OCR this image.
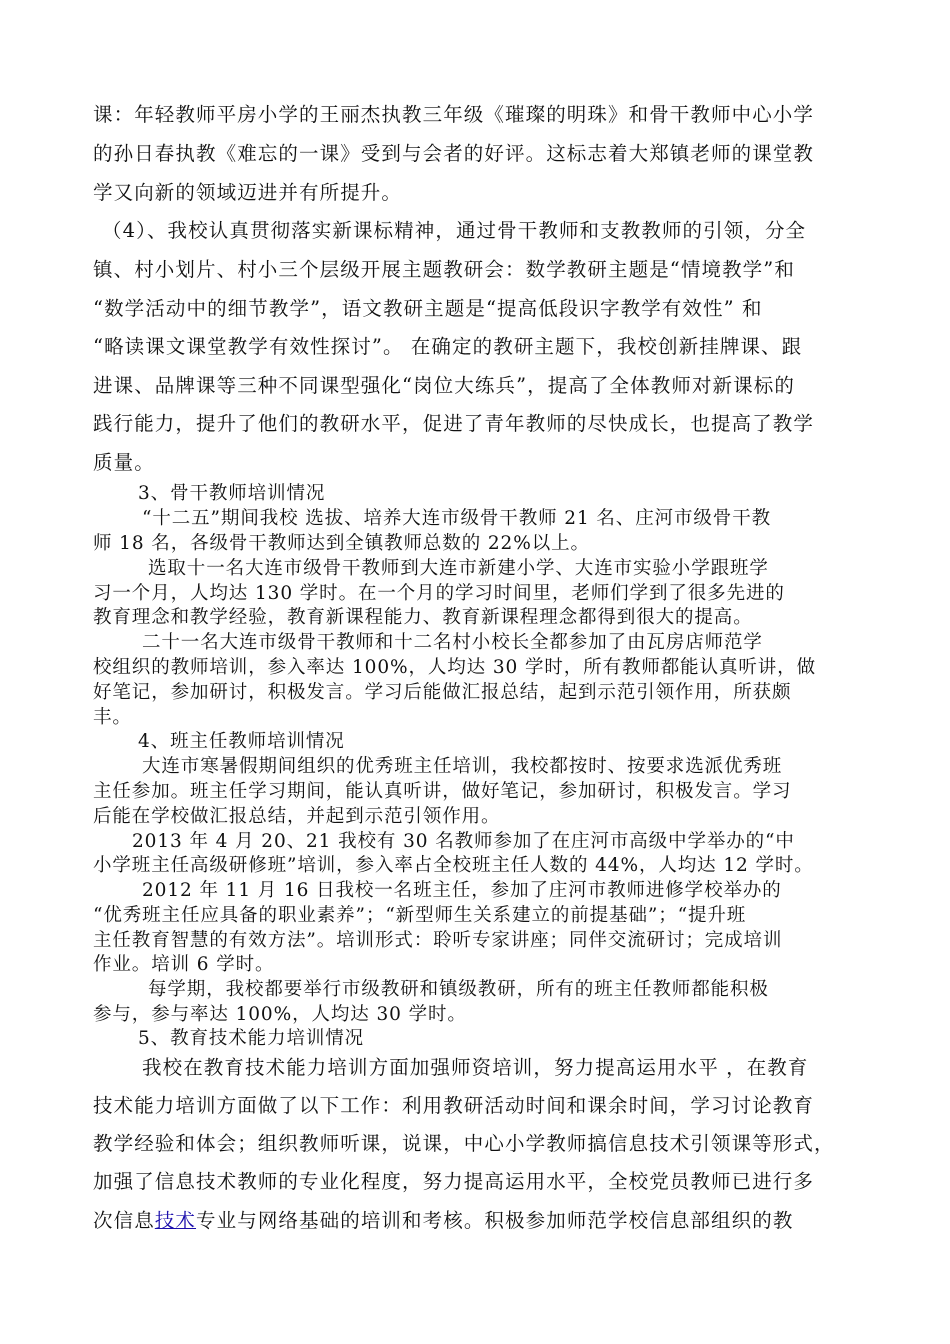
课：年轻教师平房小学的王丽杰执教三年级《璀璨的明珠》和骨干教师中心小学
的孙日春执教《难忘的一课》受到与会者的好评。这标志着大郑镇老师的课堂教
学又向新的领域迈进并有所提升。
（4）、我校认真贯彻落实新课标精神，通过骨干教师和支教教师的引领，分全
镇、村小划片、村小三个层级开展主题教研会：数学教研主题是“情境教学”和
“数学活动中的细节教学”，语文教研主题是“提高低段识字教学有效性” 和
“略读课文课堂教学有效性探讨”。 在确定的教研主题下，我校创新挂牌课、跟
进课、品牌课等三种不同课型强化“岗位大练兵”，提高了全体教师对新课标的
践行能力，提升了他们的教研水平，促进了青年教师的尽快成长，也提高了教学
质量。
3、骨干教师培训情况
“十二五”期间我校 选拔、培养大连市级骨干教师 21 名、庄河市级骨干教
师 18 名，各级骨干教师达到全镇教师总数的 22%以上。
选取十一名大连市级骨干教师到大连市新建小学、大连市实验小学跟班学
习一个月，人均达 130 学时。在一个月的学习时间里，老师们学到了很多先进的
教育理念和教学经验，教育新课程能力、教育新课程理念都得到很大的提高。
二十一名大连市级骨干教师和十二名村小校长全都参加了由瓦房店师范学
校组织的教师培训，参入率达 100%，人均达 30 学时，所有教师都能认真听讲，做
好笔记，参加研讨，积极发言。学习后能做汇报总结，起到示范引领作用，所获颇
丰。
4、班主任教师培训情况
大连市寒暑假期间组织的优秀班主任培训，我校都按时、按要求选派优秀班
主任参加。班主任学习期间，能认真听讲，做好笔记，参加研讨，积极发言。学习
后能在学校做汇报总结，并起到示范引领作用。
2013 年 4 月 20、21 我校有 30 名教师参加了在庄河市高级中学举办的“中
小学班主任高级研修班”培训，参入率占全校班主任人数的 44%，人均达 12 学时。
2012 年 11 月 16 日我校一名班主任，参加了庄河市教师进修学校举办的
“优秀班主任应具备的职业素养”；“新型师生关系建立的前提基础”；“提升班
主任教育智慧的有效方法”。培训形式：聆听专家讲座；同伴交流研讨；完成培训
作业。培训 6 学时。
每学期，我校都要举行市级教研和镇级教研，所有的班主任教师都能积极
参与，参与率达 100%，人均达 30 学时。
5、教育技术能力培训情况
我校在教育技术能力培训方面加强师资培训，努力提高运用水平 ，在教育
技术能力培训方面做了以下工作：利用教研活动时间和课余时间，学习讨论教育
教学经验和体会；组织教师听课，说课，中心小学教师搞信息技术引领课等形式，
加强了信息技术教师的专业化程度，努力提高运用水平，全校党员教师已进行多
次信息技术专业与网络基础的培训和考核。积极参加师范学校信息部组织的教
